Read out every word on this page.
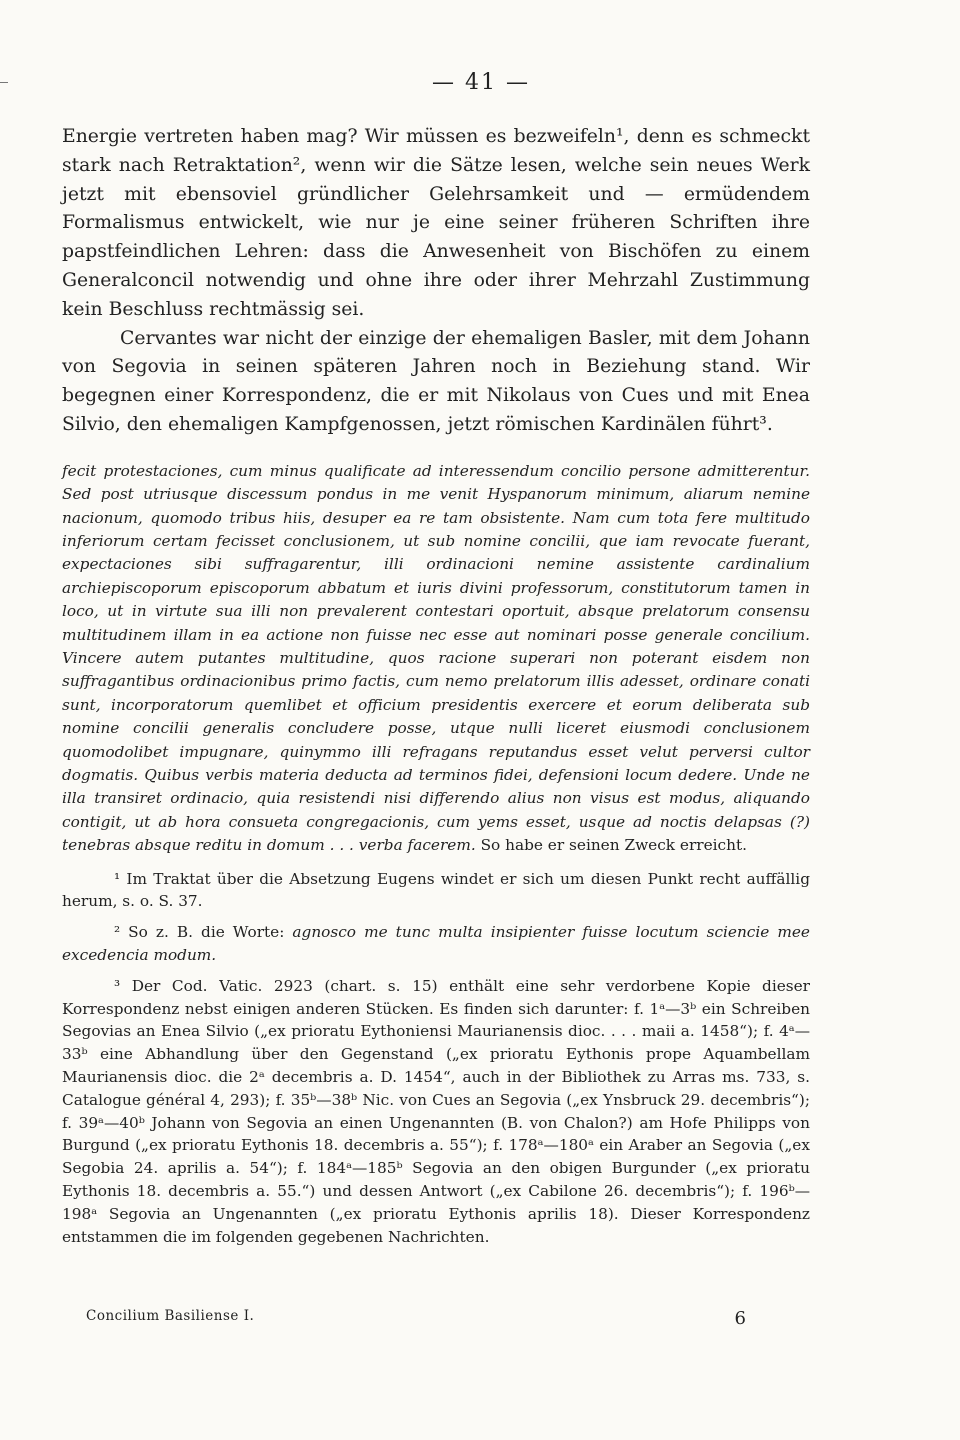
— 41 —

Energie vertreten haben mag? Wir müssen es bezweifeln¹, denn es schmeckt stark nach Retraktation², wenn wir die Sätze lesen, welche sein neues Werk jetzt mit ebensoviel gründlicher Gelehrsamkeit und — ermüdendem Formalismus entwickelt, wie nur je eine seiner früheren Schriften ihre papstfeindlichen Lehren: dass die Anwesenheit von Bischöfen zu einem Generalconcil notwendig und ohne ihre oder ihrer Mehrzahl Zustimmung kein Beschluss rechtmässig sei.

Cervantes war nicht der einzige der ehemaligen Basler, mit dem Johann von Segovia in seinen späteren Jahren noch in Beziehung stand. Wir begegnen einer Korrespondenz, die er mit Nikolaus von Cues und mit Enea Silvio, den ehemaligen Kampfgenossen, jetzt römischen Kardinälen führt³.

fecit protestaciones, cum minus qualificate ad interessendum concilio persone admitterentur. Sed post utriusque discessum pondus in me venit Hyspanorum minimum, aliarum nemine nacionum, quomodo tribus hiis, desuper ea re tam obsistente. Nam cum tota fere multitudo inferiorum certam fecisset conclusionem, ut sub nomine concilii, que iam revocate fuerant, expectaciones sibi suffragarentur, illi ordinacioni nemine assistente cardinalium archiepiscoporum episcoporum abbatum et iuris divini professorum, constitutorum tamen in loco, ut in virtute sua illi non prevalerent contestari oportuit, absque prelatorum consensu multitudinem illam in ea actione non fuisse nec esse aut nominari posse generale concilium. Vincere autem putantes multitudine, quos racione superari non poterant eisdem non suffragantibus ordinacionibus primo factis, cum nemo prelatorum illis adesset, ordinare conati sunt, incorporatorum quemlibet et officium presidentis exercere et eorum deliberata sub nomine concilii generalis concludere posse, utque nulli liceret eiusmodi conclusionem quomodolibet impugnare, quinymmo illi refragans reputandus esset velut perversi cultor dogmatis. Quibus verbis materia deducta ad terminos fidei, defensioni locum dedere. Unde ne illa transiret ordinacio, quia resistendi nisi differendo alius non visus est modus, aliquando contigit, ut ab hora consueta congregacionis, cum yems esset, usque ad noctis delapsas (?) tenebras absque reditu in domum . . . verba facerem. So habe er seinen Zweck erreicht.

¹ Im Traktat über die Absetzung Eugens windet er sich um diesen Punkt recht auffällig herum, s. o. S. 37.

² So z. B. die Worte: agnosco me tunc multa insipienter fuisse locutum sciencie mee excedencia modum.

³ Der Cod. Vatic. 2923 (chart. s. 15) enthält eine sehr verdorbene Kopie dieser Korrespondenz nebst einigen anderen Stücken. Es finden sich darunter: f. 1ᵃ—3ᵇ ein Schreiben Segovias an Enea Silvio („ex prioratu Eythoniensi Maurianensis dioc. . . . maii a. 1458“); f. 4ᵃ—33ᵇ eine Abhandlung über den Gegenstand („ex prioratu Eythonis prope Aquambellam Maurianensis dioc. die 2ᵃ decembris a. D. 1454“, auch in der Bibliothek zu Arras ms. 733, s. Catalogue général 4, 293); f. 35ᵇ—38ᵇ Nic. von Cues an Segovia („ex Ynsbruck 29. decembris“); f. 39ᵃ—40ᵇ Johann von Segovia an einen Ungenannten (B. von Chalon?) am Hofe Philipps von Burgund („ex prioratu Eythonis 18. decembris a. 55“); f. 178ᵃ—180ᵃ ein Araber an Segovia („ex Segobia 24. aprilis a. 54“); f. 184ᵃ—185ᵇ Segovia an den obigen Burgunder („ex prioratu Eythonis 18. decembris a. 55.“) und dessen Antwort („ex Cabilone 26. decembris“); f. 196ᵇ—198ᵃ Segovia an Ungenannten („ex prioratu Eythonis aprilis 18). Dieser Korrespondenz entstammen die im folgenden gegebenen Nachrichten.

Concilium Basiliense I.	6
